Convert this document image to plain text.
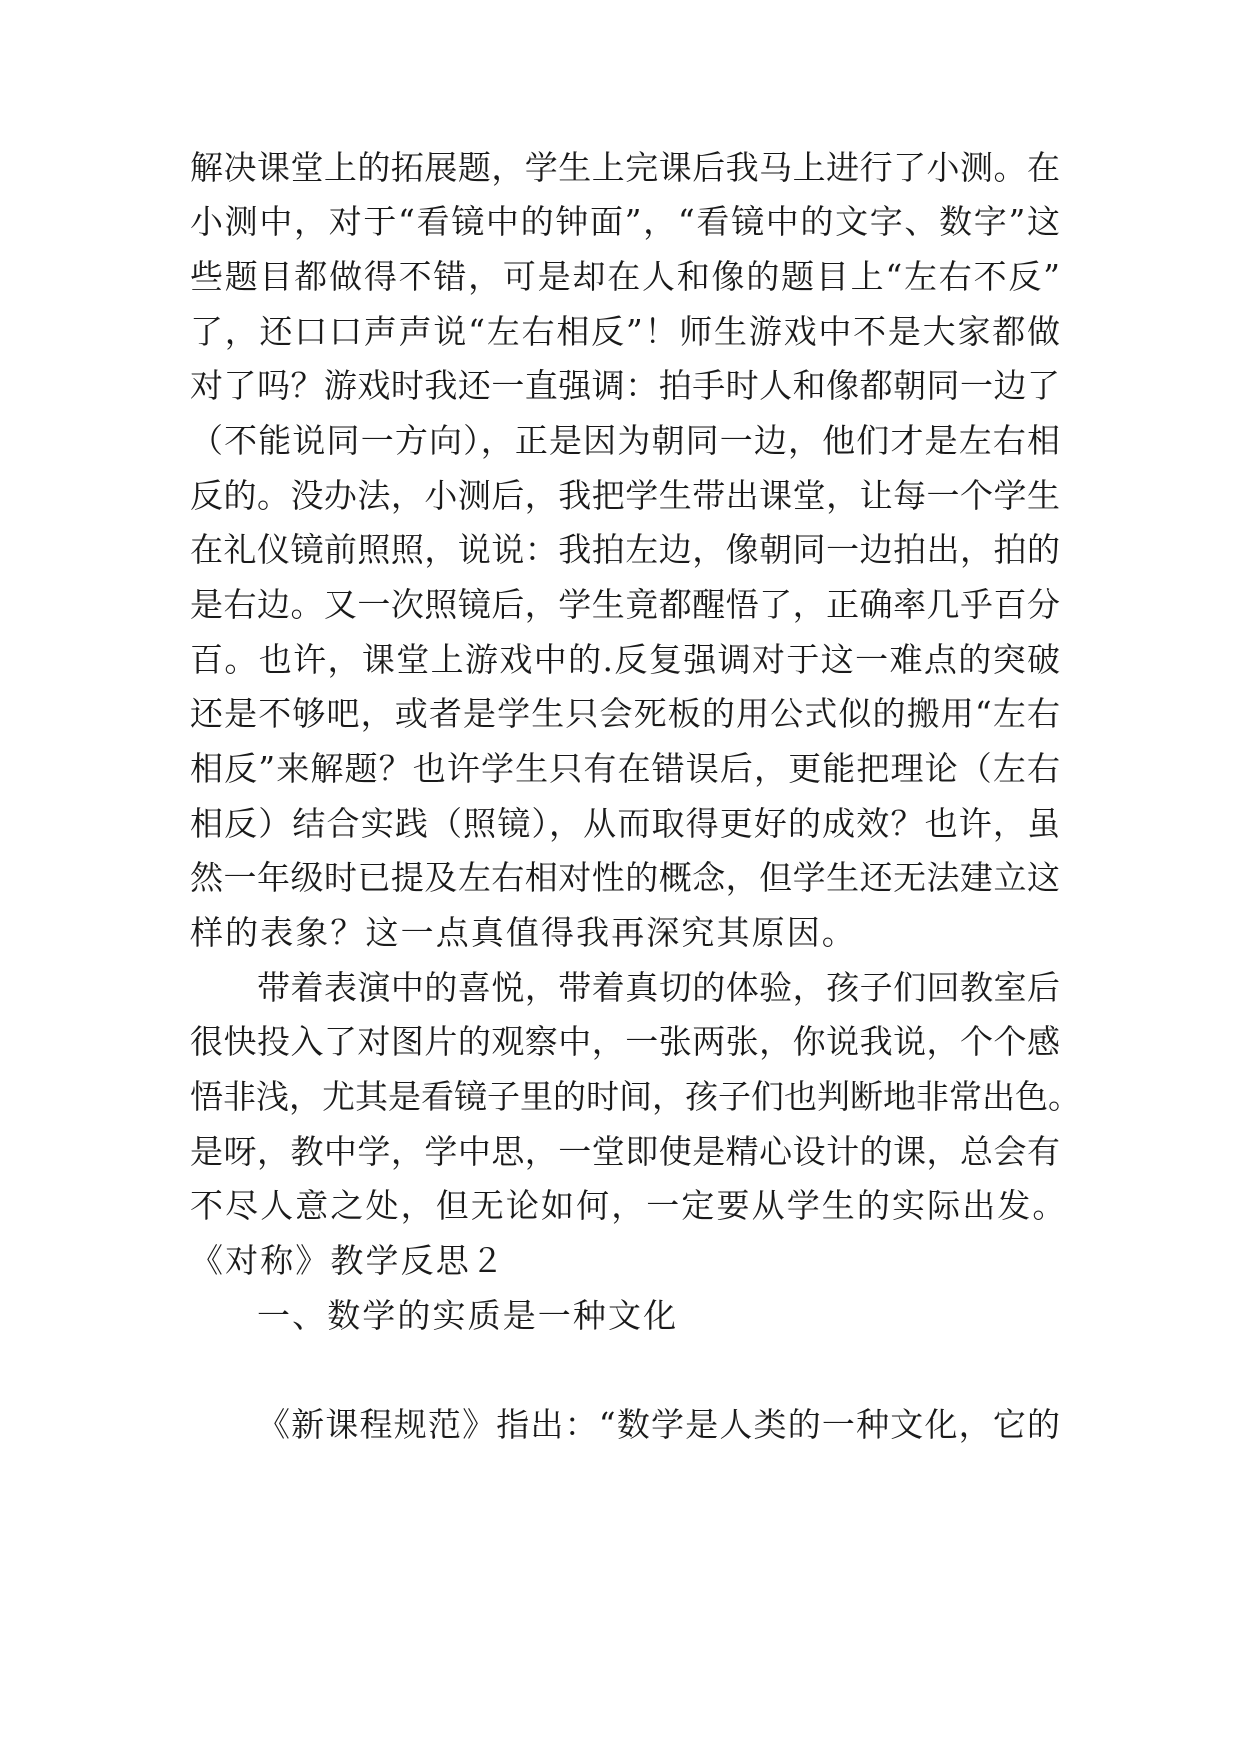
解决课堂上的拓展题，学生上完课后我马上进行了小测。在
小测中，对于“看镜中的钟面”，“看镜中的文字、数字”这
些题目都做得不错，可是却在人和像的题目上“左右不反”
了，还口口声声说“左右相反”！师生游戏中不是大家都做
对了吗？游戏时我还一直强调：拍手时人和像都朝同一边了
（不能说同一方向），正是因为朝同一边，他们才是左右相
反的。没办法，小测后，我把学生带出课堂，让每一个学生
在礼仪镜前照照，说说：我拍左边，像朝同一边拍出，拍的
是右边。又一次照镜后，学生竟都醒悟了，正确率几乎百分
百。也许，课堂上游戏中的.反复强调对于这一难点的突破
还是不够吧，或者是学生只会死板的用公式似的搬用“左右
相反”来解题？也许学生只有在错误后，更能把理论（左右
相反）结合实践（照镜），从而取得更好的成效？也许，虽
然一年级时已提及左右相对性的概念，但学生还无法建立这
样的表象？这一点真值得我再深究其原因。
带着表演中的喜悦，带着真切的体验，孩子们回教室后
很快投入了对图片的观察中，一张两张，你说我说，个个感
悟非浅，尤其是看镜子里的时间，孩子们也判断地非常出色。
是呀，教中学，学中思，一堂即使是精心设计的课，总会有
不尽人意之处，但无论如何，一定要从学生的实际出发。
《对称》教学反思２
一、数学的实质是一种文化
《新课程规范》指出：“数学是人类的一种文化，它的
